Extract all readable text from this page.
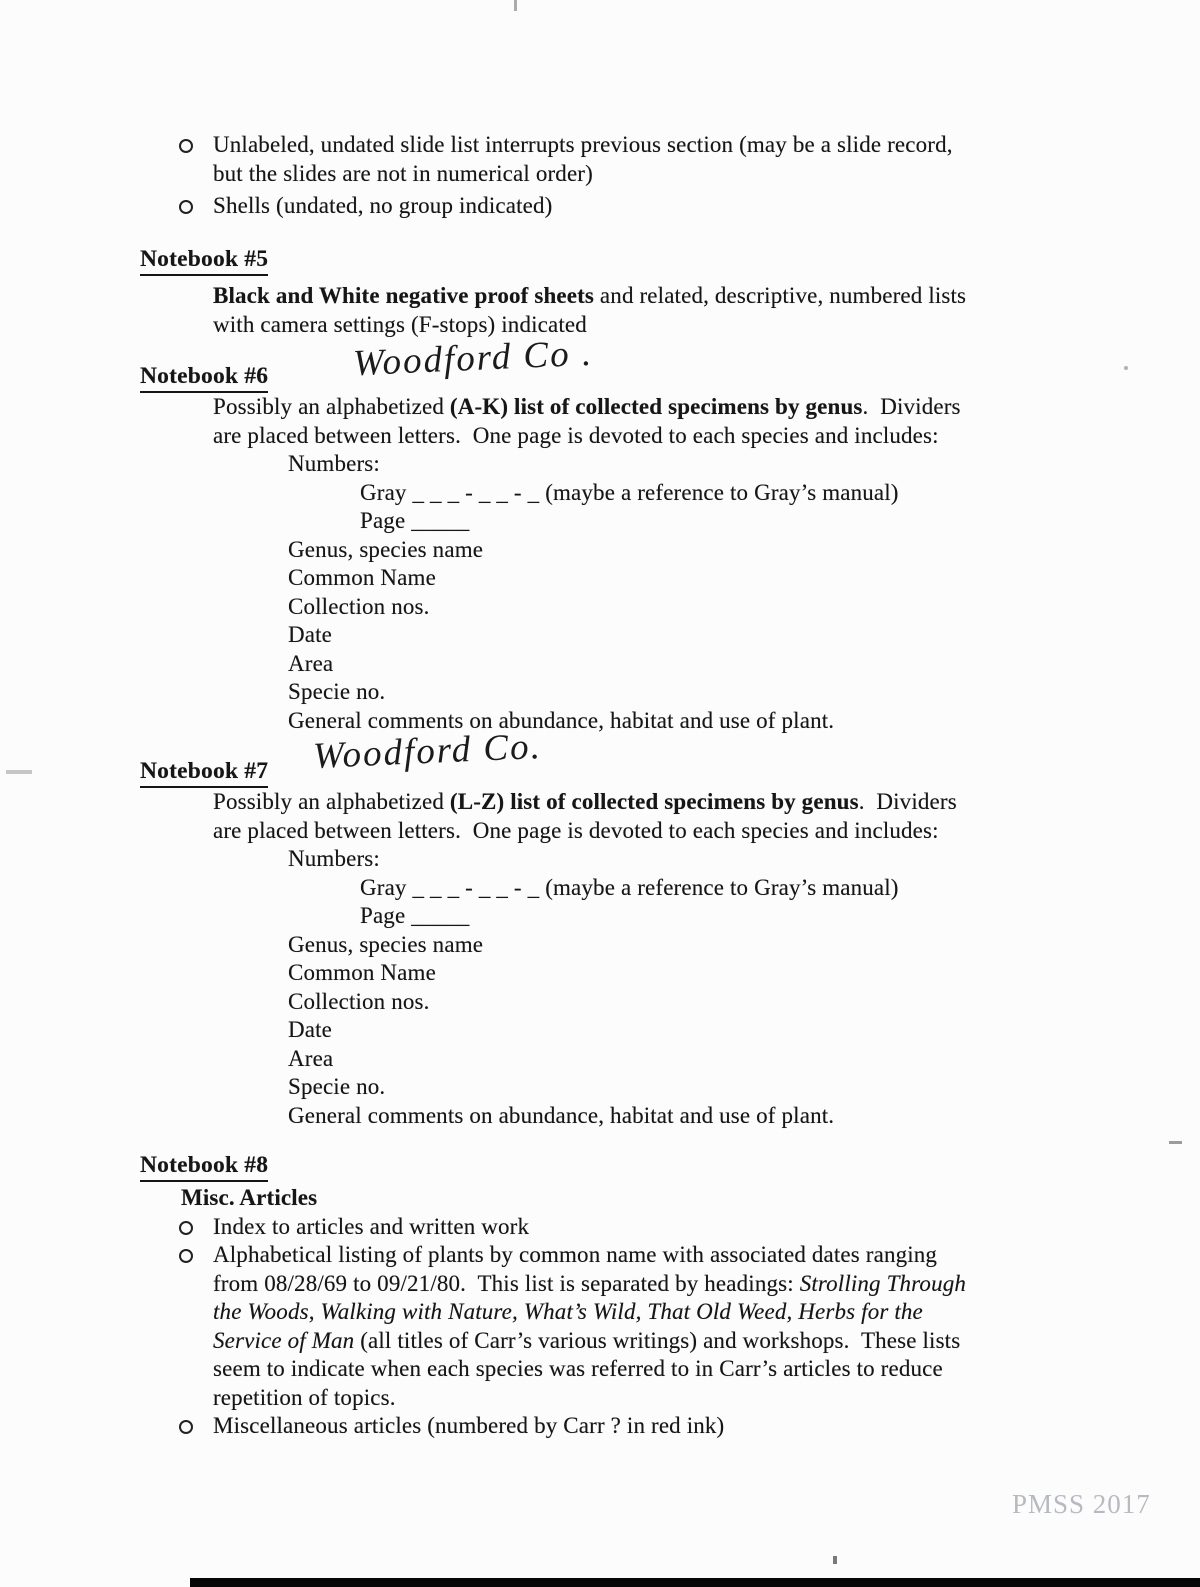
Unlabeled, undated slide list interrupts previous section (may be a slide record,
but the slides are not in numerical order)
Shells (undated, no group indicated)
Notebook #5
Black and White negative proof sheets and related, descriptive, numbered lists
with camera settings (F-stops) indicated
Notebook #6 Woodford Co .
Possibly an alphabetized (A-K) list of collected specimens by genus.  Dividers
are placed between letters.  One page is devoted to each species and includes:
Numbers:
Gray _ _ _ - _ _ - _ (maybe a reference to Gray’s manual)
Page _____
Genus, species name
Common Name
Collection nos.
Date
Area
Specie no.
General comments on abundance, habitat and use of plant.
Notebook #7 Woodford Co.
Possibly an alphabetized (L-Z) list of collected specimens by genus.  Dividers
are placed between letters.  One page is devoted to each species and includes:
Numbers:
Gray _ _ _ - _ _ - _ (maybe a reference to Gray’s manual)
Page _____
Genus, species name
Common Name
Collection nos.
Date
Area
Specie no.
General comments on abundance, habitat and use of plant.
Notebook #8
Misc. Articles
Index to articles and written work
Alphabetical listing of plants by common name with associated dates ranging
from 08/28/69 to 09/21/80.  This list is separated by headings: Strolling Through
the Woods, Walking with Nature, What’s Wild, That Old Weed, Herbs for the
Service of Man (all titles of Carr’s various writings) and workshops.  These lists
seem to indicate when each species was referred to in Carr’s articles to reduce
repetition of topics.
Miscellaneous articles (numbered by Carr ? in red ink)
PMSS 2017
